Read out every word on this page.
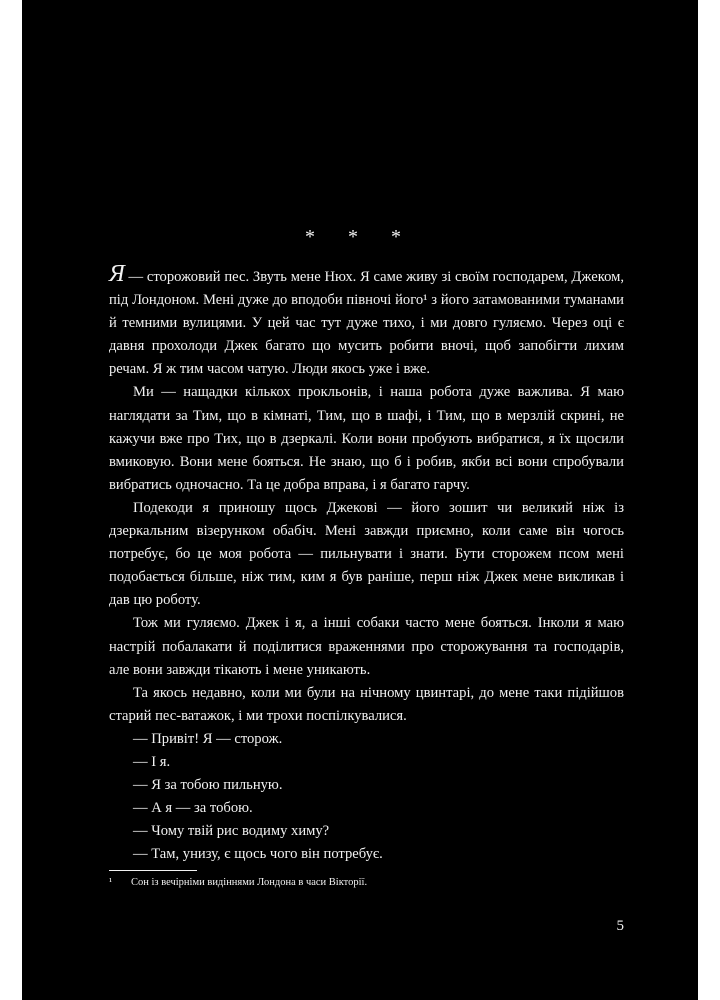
* * *

Я — сторожовий пес. Звуть мене Нюх. Я саме живу зі своїм господарем, Джеком, під Лондоном. Мені дуже до вподоби півночі його¹ з його затамованими туманами й темними вулицями. У цей час тут дуже тихо, і ми довго гуляємо. Через оці є давня прохолоди Джек багато що мусить робити вночі, щоб запобігти лихим речам. Я ж тим часом чатую. Люди якось уже і вже.

Ми — нащадки кількох прокльонів, і наша робота дуже важлива. Я маю наглядати за Тим, що в кімнаті, Тим, що в шафі, і Тим, що в мерзлій скрині, не кажучи вже про Тих, що в дзеркалі. Коли вони пробують вибратися, я їх щосили вмиковую. Вони мене бояться. Не знаю, що б і робив, якби всі вони спробували вибратись одночасно. Та це добра вправа, і я багато гарчу.

Подекоди я приношу щось Джекові — його зошит чи великий ніж із дзеркальним візерунком обабіч. Мені завжди приємно, коли саме він чогось потребує, бо це моя робота — пильнувати і знати. Бути сторожем псом мені подобається більше, ніж тим, ким я був раніше, перш ніж Джек мене викликав і дав цю роботу.

Тож ми гуляємо. Джек і я, а інші собаки часто мене бояться. Інколи я маю настрій побалакати й поділитися враженнями про сторожування та господарів, але вони завжди тікають і мене уникають.

Та якось недавно, коли ми були на нічному цвинтарі, до мене таки підійшов старий пес-ватажок, і ми трохи поспілкувалися.

— Привіт! Я — сторож.

— І я.

— Я за тобою пильную.

— А я — за тобою.

— Чому твій рис водиму химу?

— Там, унизу, є щось чого він потребує.

¹ Сон із вечірніми видіннями Лондона в часи Вікторії.
5
